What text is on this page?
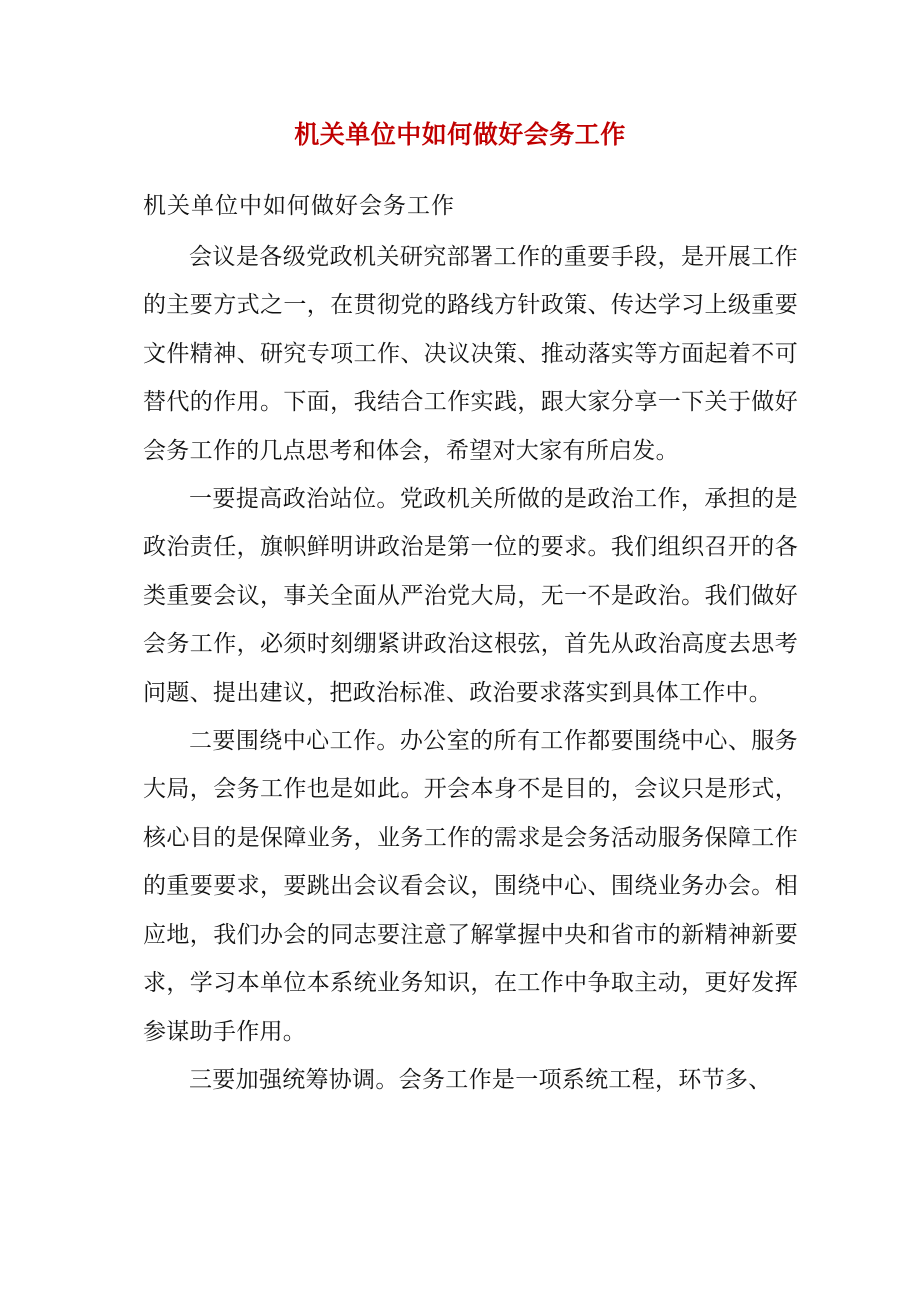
机关单位中如何做好会务工作

机关单位中如何做好会务工作

会议是各级党政机关研究部署工作的重要手段，是开展工作的主要方式之一，在贯彻党的路线方针政策、传达学习上级重要文件精神、研究专项工作、决议决策、推动落实等方面起着不可替代的作用。下面，我结合工作实践，跟大家分享一下关于做好会务工作的几点思考和体会，希望对大家有所启发。

一要提高政治站位。党政机关所做的是政治工作，承担的是政治责任，旗帜鲜明讲政治是第一位的要求。我们组织召开的各类重要会议，事关全面从严治党大局，无一不是政治。我们做好会务工作，必须时刻绷紧讲政治这根弦，首先从政治高度去思考问题、提出建议，把政治标准、政治要求落实到具体工作中。

二要围绕中心工作。办公室的所有工作都要围绕中心、服务大局，会务工作也是如此。开会本身不是目的，会议只是形式，核心目的是保障业务，业务工作的需求是会务活动服务保障工作的重要要求，要跳出会议看会议，围绕中心、围绕业务办会。相应地，我们办会的同志要注意了解掌握中央和省市的新精神新要求，学习本单位本系统业务知识，在工作中争取主动，更好发挥参谋助手作用。

三要加强统筹协调。会务工作是一项系统工程，环节多、
